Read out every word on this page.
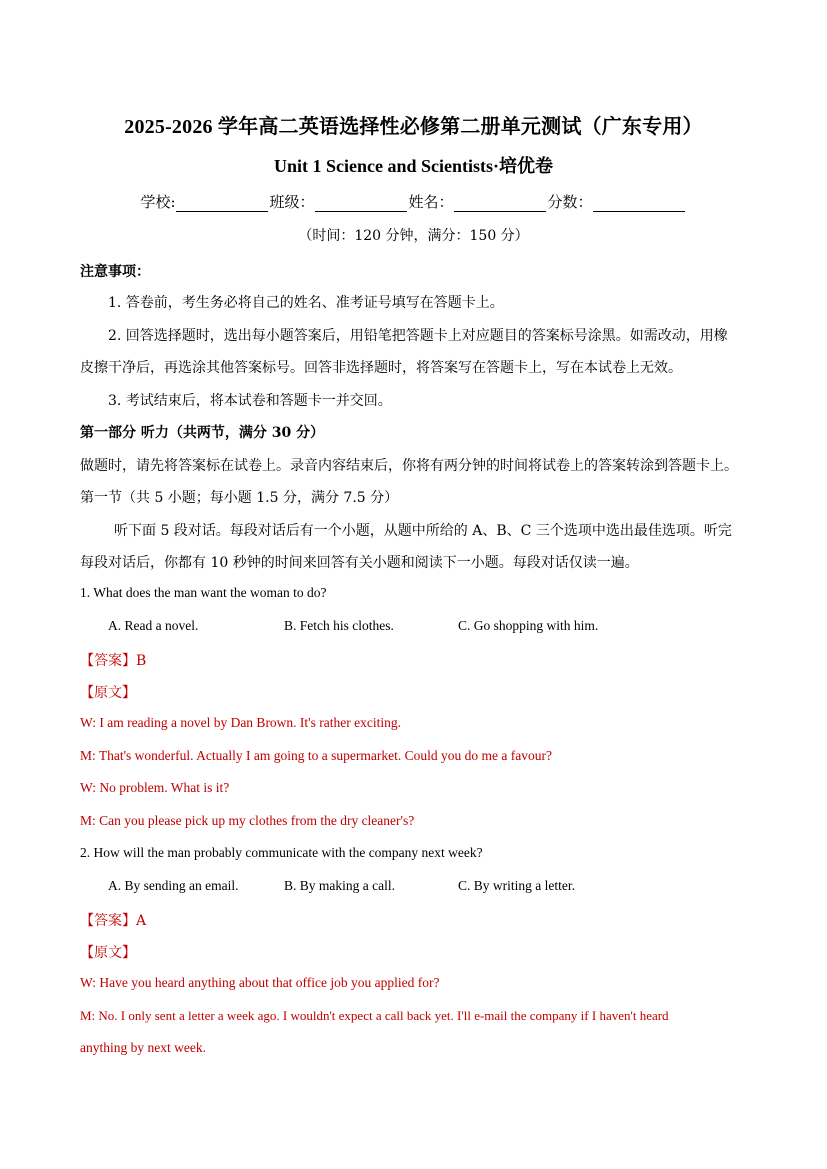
2025-2026 学年高二英语选择性必修第二册单元测试（广东专用）
Unit 1 Science and Scientists·培优卷
学校:	班级：	姓名：	分数：
（时间：120 分钟，满分：150 分）
注意事项：
1. 答卷前，考生务必将自己的姓名、准考证号填写在答题卡上。
2. 回答选择题时，选出每小题答案后，用铅笔把答题卡上对应题目的答案标号涂黑。如需改动，用橡
皮擦干净后，再选涂其他答案标号。回答非选择题时，将答案写在答题卡上，写在本试卷上无效。
3. 考试结束后，将本试卷和答题卡一并交回。
第一部分 听力（共两节，满分 30 分）
做题时，请先将答案标在试卷上。录音内容结束后，你将有两分钟的时间将试卷上的答案转涂到答题卡上。
第一节（共 5 小题；每小题 1.5 分，满分 7.5 分）
听下面 5 段对话。每段对话后有一个小题，从题中所给的 A、B、C 三个选项中选出最佳选项。听完
每段对话后，你都有 10 秒钟的时间来回答有关小题和阅读下一小题。每段对话仅读一遍。
1. What does the man want the woman to do?
A. Read a novel.	B. Fetch his clothes.	C. Go shopping with him.
【答案】B
【原文】
W: I am reading a novel by Dan Brown. It's rather exciting.
M: That's wonderful. Actually I am going to a supermarket. Could you do me a favour?
W: No problem. What is it?
M: Can you please pick up my clothes from the dry cleaner's?
2. How will the man probably communicate with the company next week?
A. By sending an email.	B. By making a call.	C. By writing a letter.
【答案】A
【原文】
W: Have you heard anything about that office job you applied for?
M: No. I only sent a letter a week ago. I wouldn't expect a call back yet. I'll e-mail the company if I haven't heard
anything by next week.
